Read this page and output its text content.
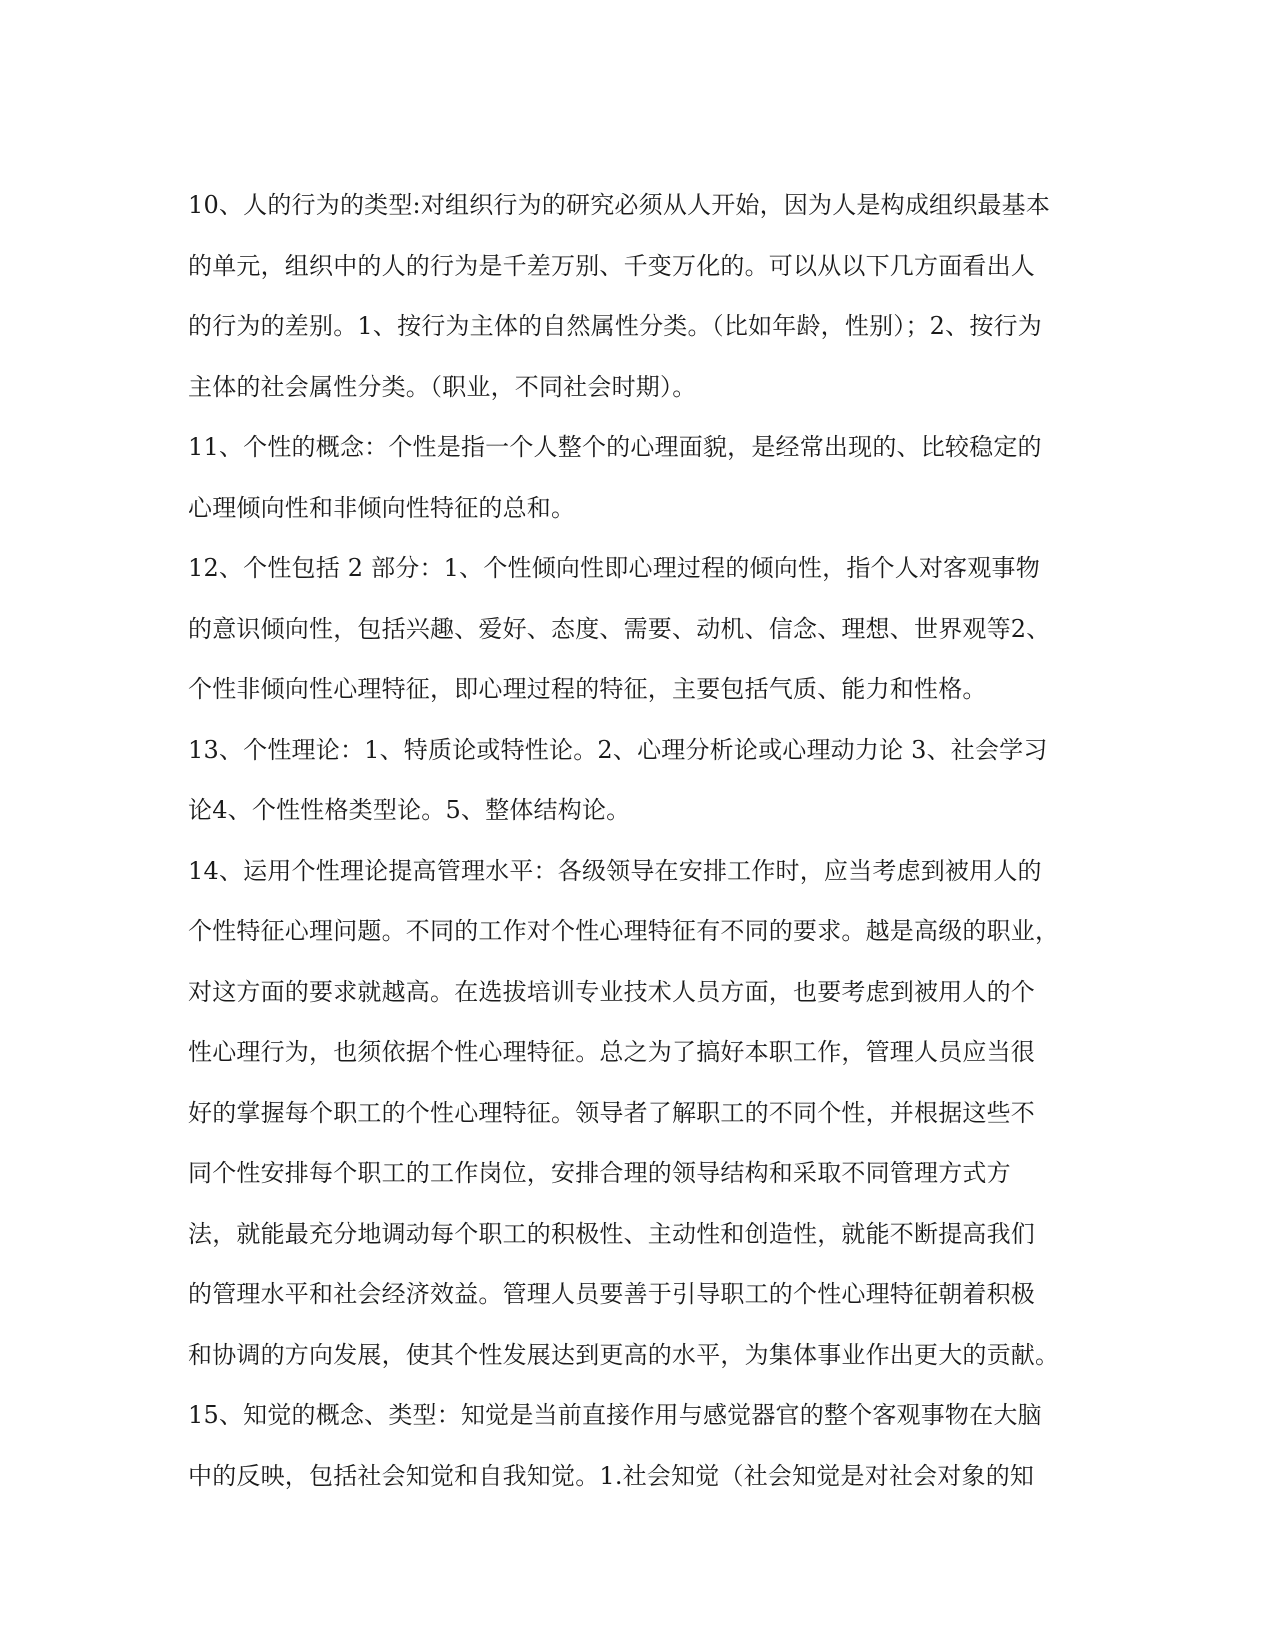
10、人的行为的类型:对组织行为的研究必须从人开始，因为人是构成组织最基本
的单元，组织中的人的行为是千差万别、千变万化的。可以从以下几方面看出人
的行为的差别。1、按行为主体的自然属性分类。（比如年龄，性别）；2、按行为
主体的社会属性分类。（职业，不同社会时期）。
11、个性的概念：个性是指一个人整个的心理面貌，是经常出现的、比较稳定的
心理倾向性和非倾向性特征的总和。
12、个性包括 2 部分：1、个性倾向性即心理过程的倾向性，指个人对客观事物
的意识倾向性，包括兴趣、爱好、态度、需要、动机、信念、理想、世界观等2、
个性非倾向性心理特征，即心理过程的特征，主要包括气质、能力和性格。
13、个性理论：1、特质论或特性论。2、心理分析论或心理动力论 3、社会学习
论4、个性性格类型论。5、整体结构论。
14、运用个性理论提高管理水平：各级领导在安排工作时，应当考虑到被用人的
个性特征心理问题。不同的工作对个性心理特征有不同的要求。越是高级的职业，
对这方面的要求就越高。在选拔培训专业技术人员方面，也要考虑到被用人的个
性心理行为，也须依据个性心理特征。总之为了搞好本职工作，管理人员应当很
好的掌握每个职工的个性心理特征。领导者了解职工的不同个性，并根据这些不
同个性安排每个职工的工作岗位，安排合理的领导结构和采取不同管理方式方
法，就能最充分地调动每个职工的积极性、主动性和创造性，就能不断提高我们
的管理水平和社会经济效益。管理人员要善于引导职工的个性心理特征朝着积极
和协调的方向发展，使其个性发展达到更高的水平，为集体事业作出更大的贡献。
15、知觉的概念、类型：知觉是当前直接作用与感觉器官的整个客观事物在大脑
中的反映，包括社会知觉和自我知觉。1.社会知觉（社会知觉是对社会对象的知
